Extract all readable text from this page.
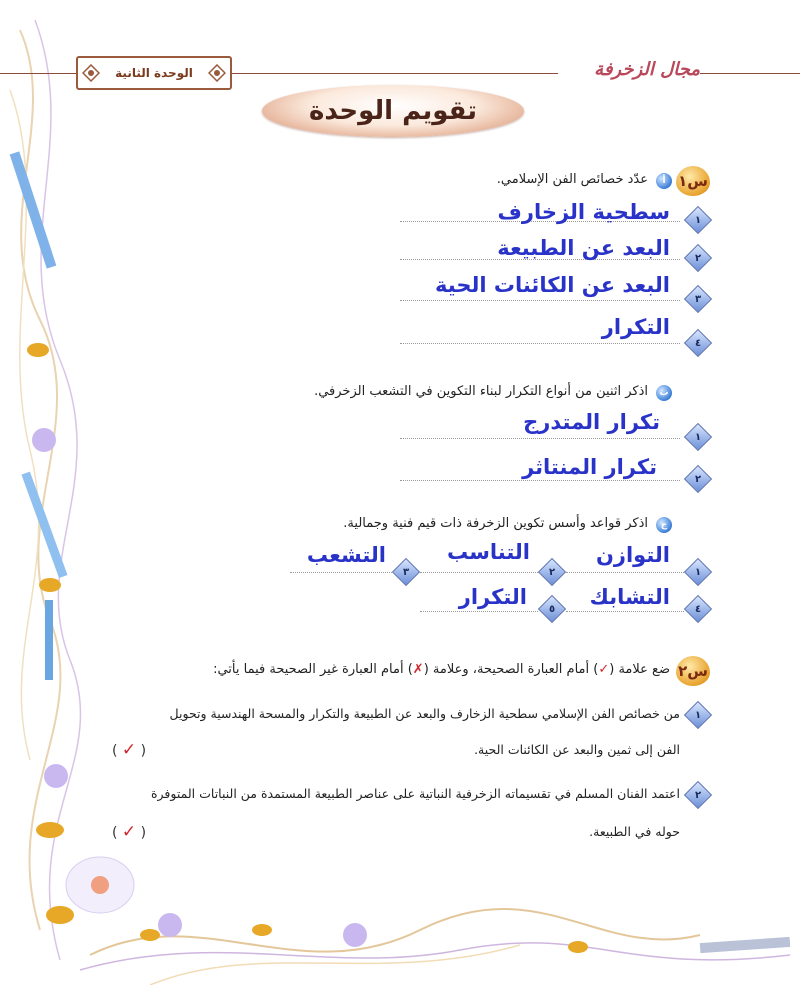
الوحدة الثانية	مجال الزخرفة
تقويم الوحدة
س١
أ
عدّد خصائص الفن الإسلامي.
١
سطحية الزخارف
٢
البعد عن الطبيعة
٣
البعد عن الكائنات الحية
٤
التكرار
ب
اذكر اثنين من أنواع التكرار لبناء التكوين في التشعب الزخرفي.
١
تكرار المتدرج
٢
تكرار المنتاثر
ج
اذكر قواعد وأسس تكوين الزخرفة ذات قيم فنية وجمالية.
١
التوازن
٢
التناسب
٣
التشعب
٤
التشابك
٥
التكرار
س٢
ضع علامة (✓) أمام العبارة الصحيحة، وعلامة (✗) أمام العبارة غير الصحيحة فيما يأتي:
١
من خصائص الفن الإسلامي سطحية الزخارف والبعد عن الطبيعة والتكرار والمسحة الهندسية وتحويل
الفن إلى ثمين والبعد عن الكائنات الحية.
( ✓ )
٢
اعتمد الفنان المسلم في تقسيماته الزخرفية النباتية على عناصر الطبيعة المستمدة من النباتات المتوفرة
حوله في الطبيعة.
( ✓ )
